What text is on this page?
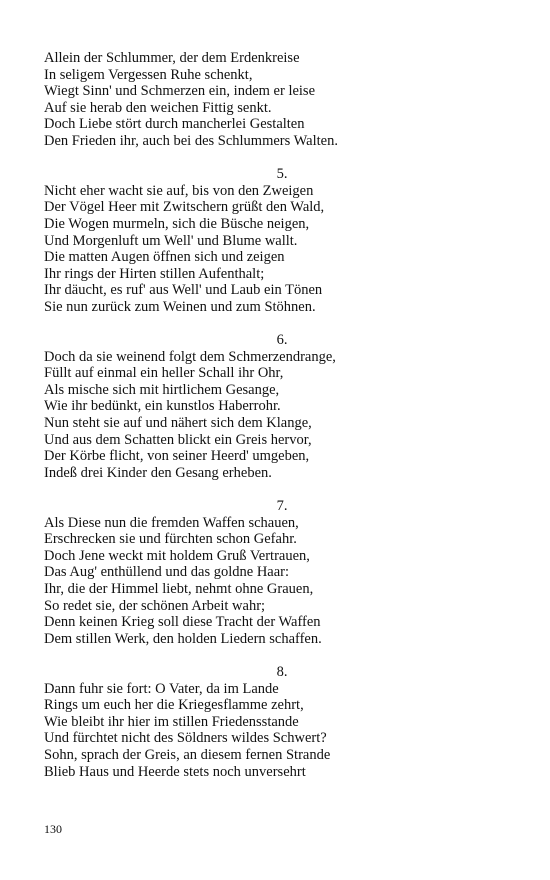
Allein der Schlummer, der dem Erdenkreise
In seligem Vergessen Ruhe schenkt,
Wiegt Sinn' und Schmerzen ein, indem er leise
Auf sie herab den weichen Fittig senkt.
Doch Liebe stört durch mancherlei Gestalten
Den Frieden ihr, auch bei des Schlummers Walten.
5.
Nicht eher wacht sie auf, bis von den Zweigen
Der Vögel Heer mit Zwitschern grüßt den Wald,
Die Wogen murmeln, sich die Büsche neigen,
Und Morgenluft um Well' und Blume wallt.
Die matten Augen öffnen sich und zeigen
Ihr rings der Hirten stillen Aufenthalt;
Ihr däucht, es ruf' aus Well' und Laub ein Tönen
Sie nun zurück zum Weinen und zum Stöhnen.
6.
Doch da sie weinend folgt dem Schmerzendrange,
Füllt auf einmal ein heller Schall ihr Ohr,
Als mische sich mit hirtlichem Gesange,
Wie ihr bedünkt, ein kunstlos Haberrohr.
Nun steht sie auf und nähert sich dem Klange,
Und aus dem Schatten blickt ein Greis hervor,
Der Körbe flicht, von seiner Heerd' umgeben,
Indeß drei Kinder den Gesang erheben.
7.
Als Diese nun die fremden Waffen schauen,
Erschrecken sie und fürchten schon Gefahr.
Doch Jene weckt mit holdem Gruß Vertrauen,
Das Aug' enthüllend und das goldne Haar:
Ihr, die der Himmel liebt, nehmt ohne Grauen,
So redet sie, der schönen Arbeit wahr;
Denn keinen Krieg soll diese Tracht der Waffen
Dem stillen Werk, den holden Liedern schaffen.
8.
Dann fuhr sie fort: O Vater, da im Lande
Rings um euch her die Kriegesflamme zehrt,
Wie bleibt ihr hier im stillen Friedensstande
Und fürchtet nicht des Söldners wildes Schwert?
Sohn, sprach der Greis, an diesem fernen Strande
Blieb Haus und Heerde stets noch unversehrt
130
